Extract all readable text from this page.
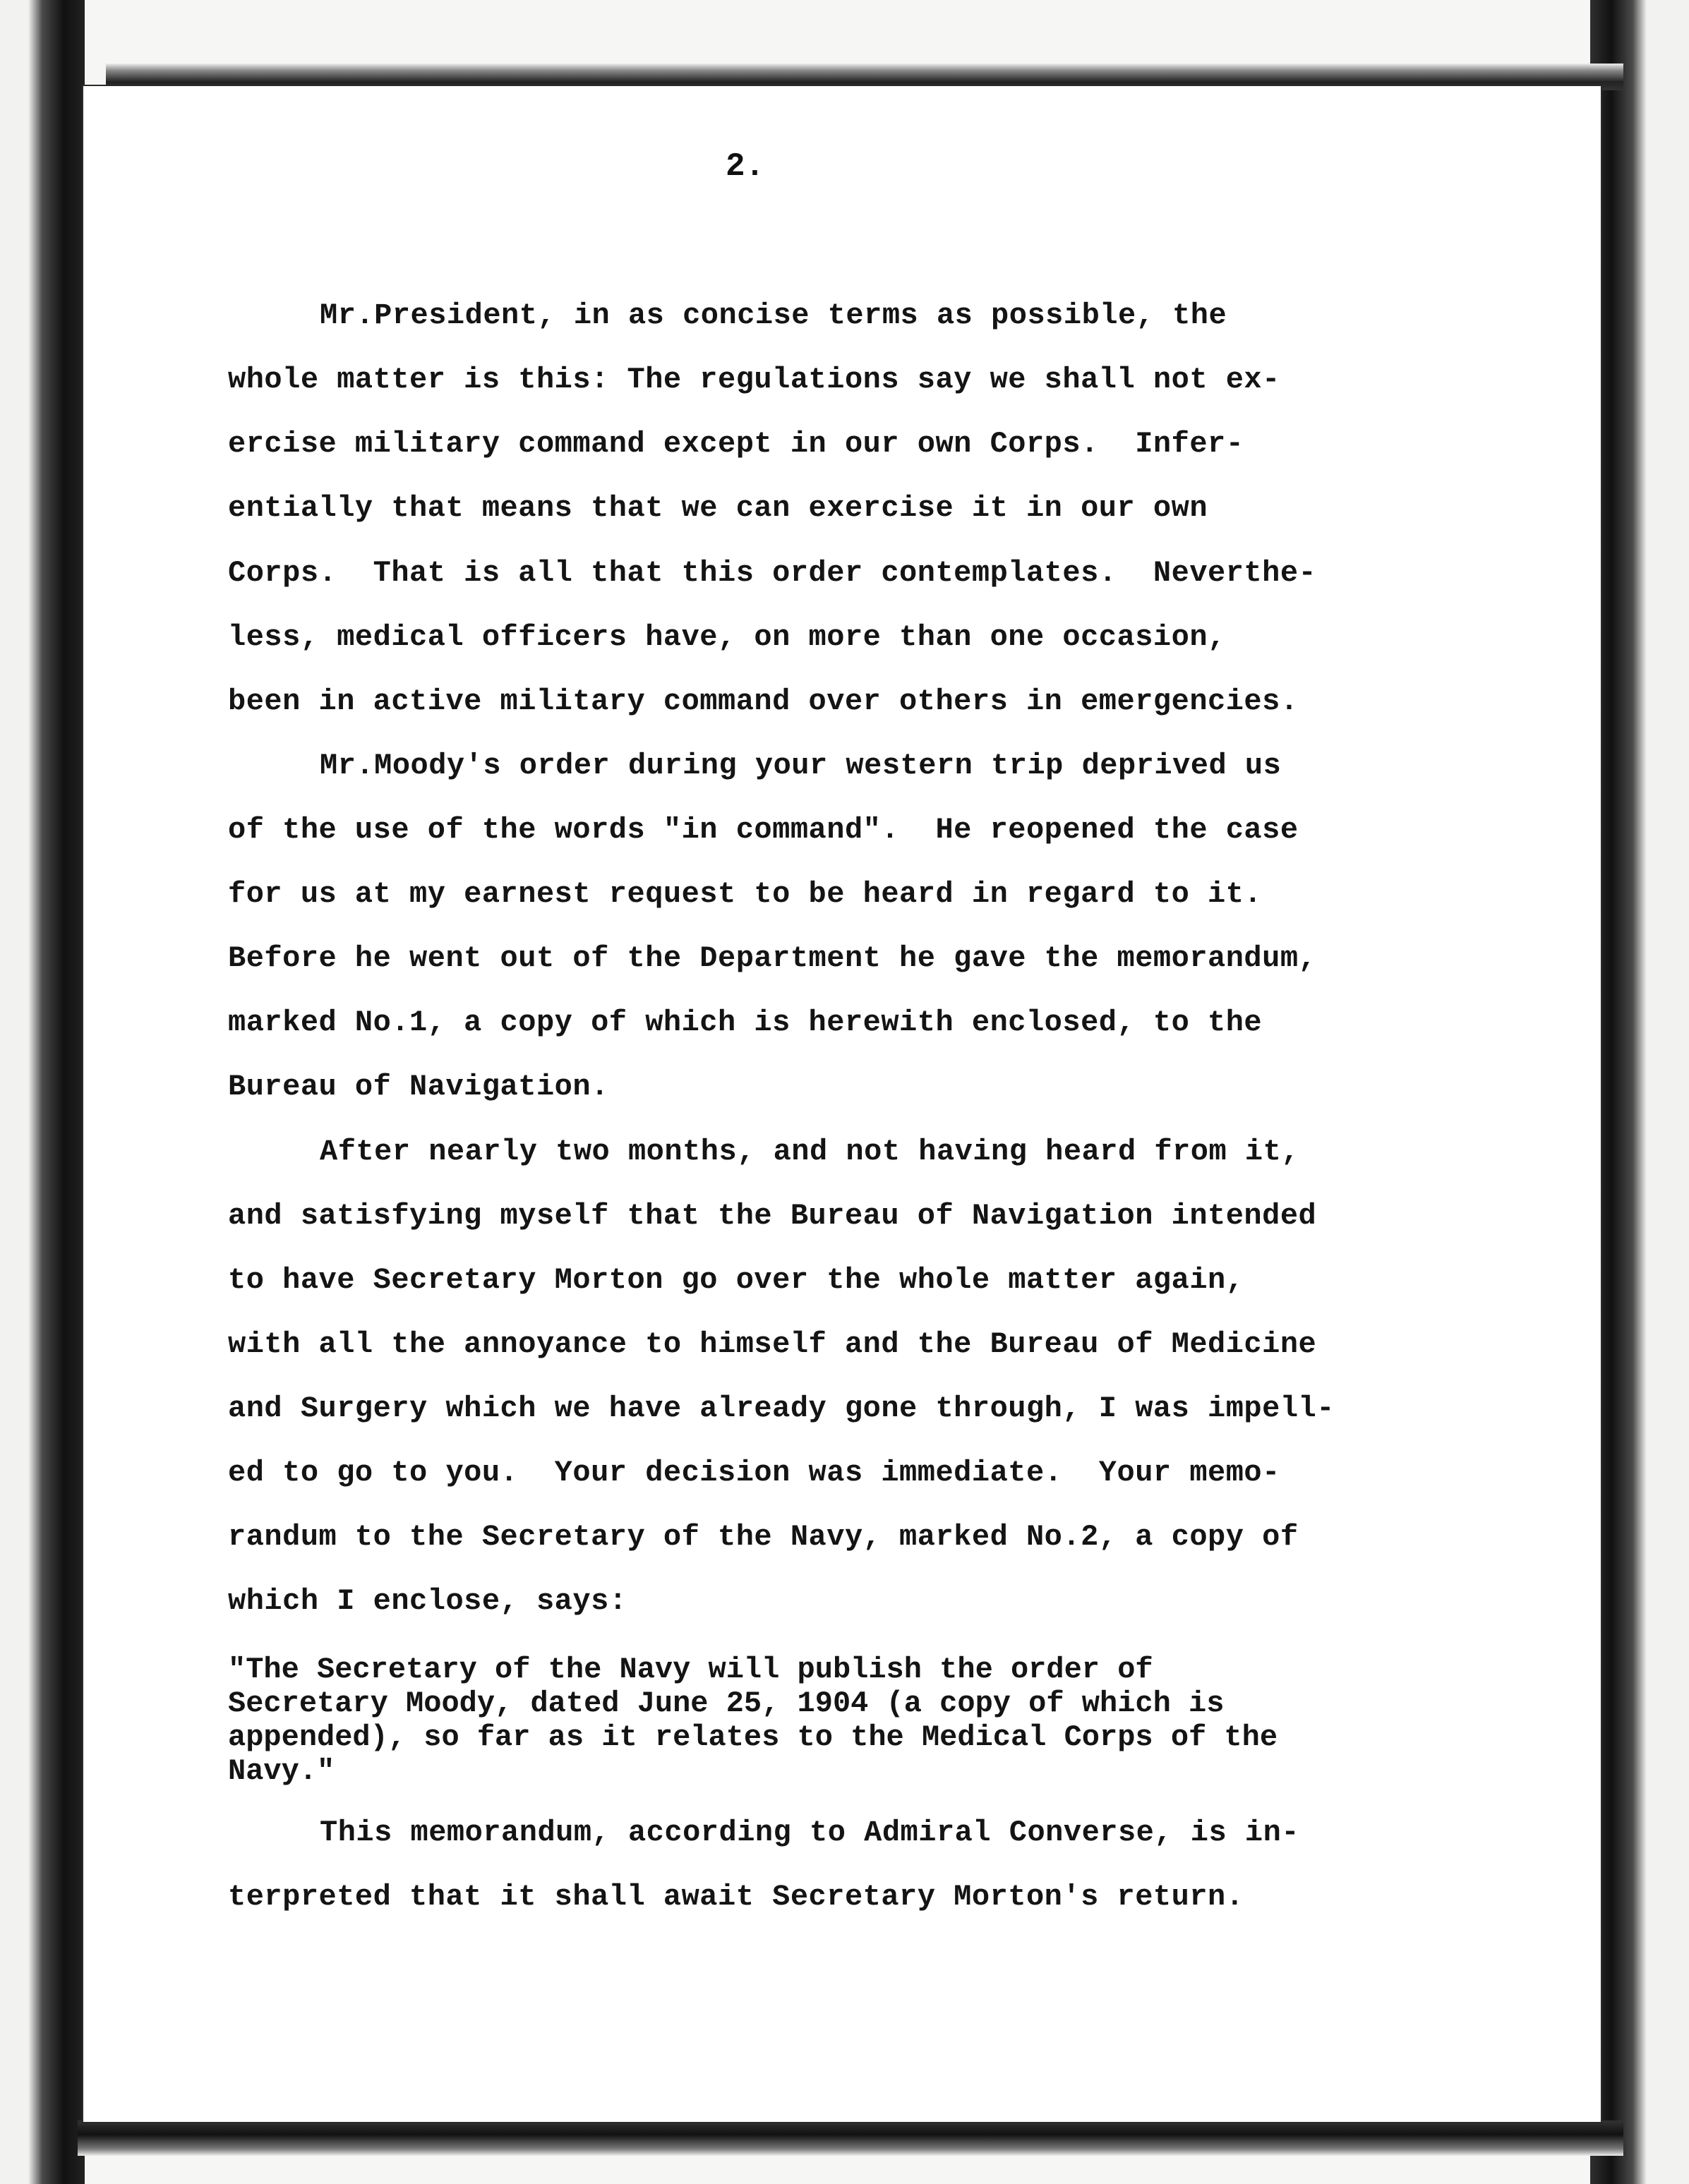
2.

Mr.President, in as concise terms as possible, the

whole matter is this: The regulations say we shall not ex-

ercise military command except in our own Corps.  Infer-

entially that means that we can exercise it in our own

Corps.  That is all that this order contemplates.  Neverthe-

less, medical officers have, on more than one occasion,

been in active military command over others in emergencies.

Mr.Moody's order during your western trip deprived us

of the use of the words "in command".  He reopened the case

for us at my earnest request to be heard in regard to it.

Before he went out of the Department he gave the memorandum,

marked No.1, a copy of which is herewith enclosed, to the

Bureau of Navigation.

After nearly two months, and not having heard from it,

and satisfying myself that the Bureau of Navigation intended

to have Secretary Morton go over the whole matter again,

with all the annoyance to himself and the Bureau of Medicine

and Surgery which we have already gone through, I was impell-

ed to go to you.  Your decision was immediate.  Your memo-

randum to the Secretary of the Navy, marked No.2, a copy of

which I enclose, says:

"The Secretary of the Navy will publish the order of

Secretary Moody, dated June 25, 1904 (a copy of which is

appended), so far as it relates to the Medical Corps of the

Navy."

This memorandum, according to Admiral Converse, is in-

terpreted that it shall await Secretary Morton's return.
